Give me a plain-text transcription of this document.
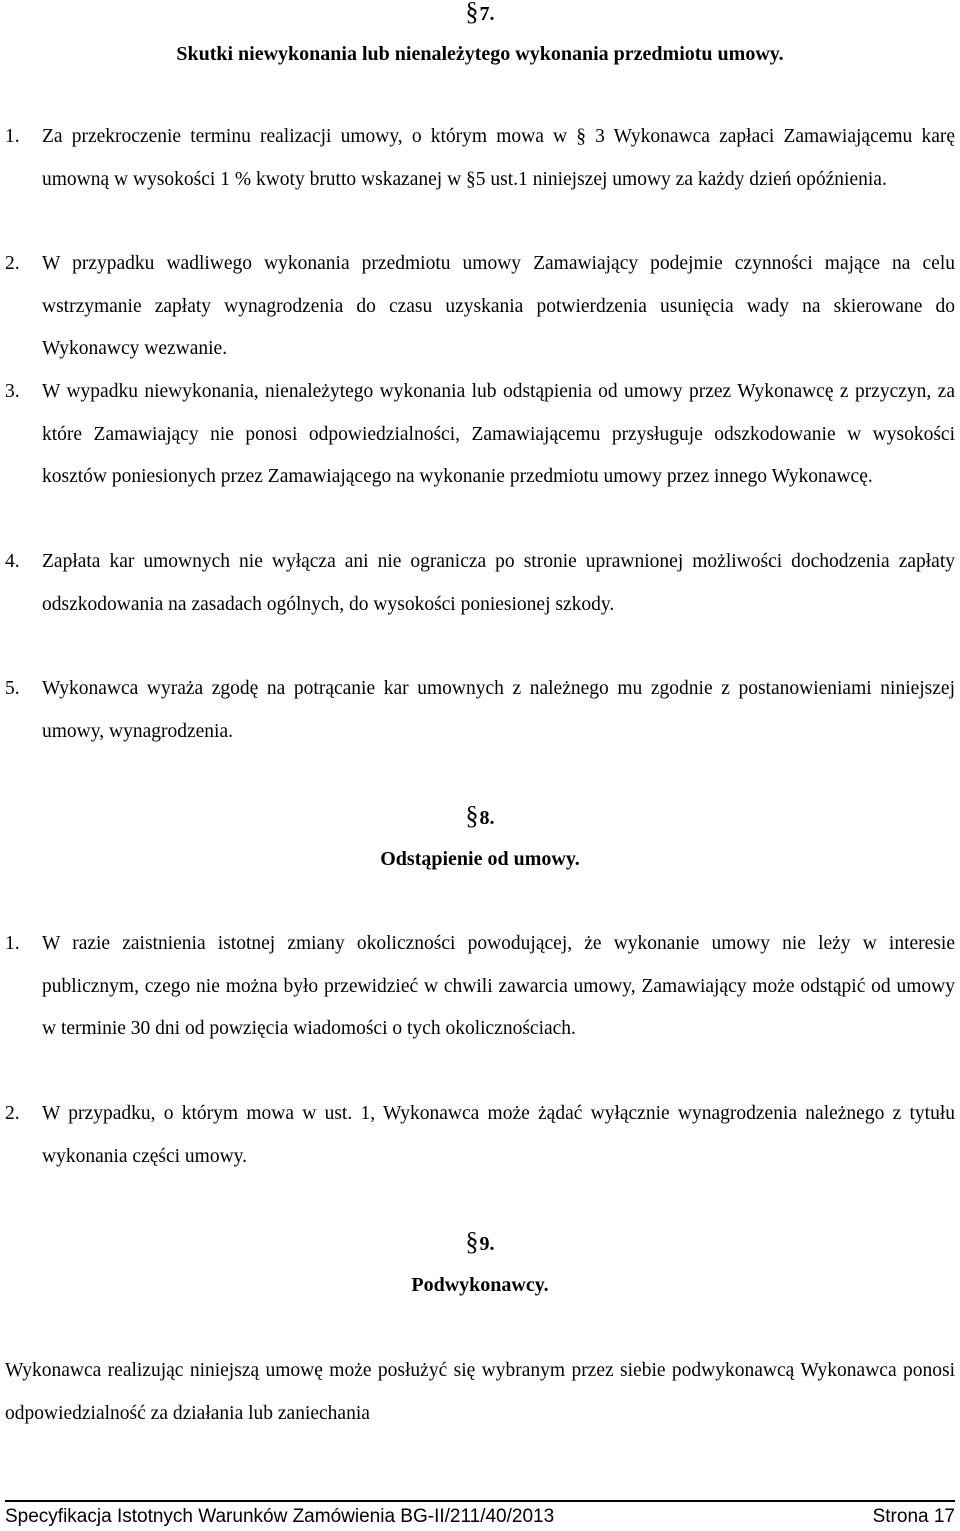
§7.
Skutki niewykonania lub nienależytego wykonania przedmiotu umowy.
1. Za przekroczenie terminu realizacji umowy, o którym mowa w § 3 Wykonawca zapłaci Zamawiającemu karę umowną w wysokości 1 % kwoty brutto wskazanej w §5 ust.1 niniejszej umowy za każdy dzień opóźnienia.
2. W przypadku wadliwego wykonania przedmiotu umowy Zamawiający podejmie czynności mające na celu wstrzymanie zapłaty wynagrodzenia do czasu uzyskania potwierdzenia usunięcia wady na skierowane do Wykonawcy wezwanie.
3. W wypadku niewykonania, nienależytego wykonania lub odstąpienia od umowy przez Wykonawcę z przyczyn, za które Zamawiający nie ponosi odpowiedzialności, Zamawiającemu przysługuje odszkodowanie w wysokości kosztów poniesionych przez Zamawiającego na wykonanie przedmiotu umowy przez innego Wykonawcę.
4. Zapłata kar umownych nie wyłącza ani nie ogranicza po stronie uprawnionej możliwości dochodzenia zapłaty odszkodowania na zasadach ogólnych, do wysokości poniesionej szkody.
5. Wykonawca wyraża zgodę na potrącanie kar umownych z należnego mu zgodnie z postanowieniami niniejszej umowy, wynagrodzenia.
§8.
Odstąpienie od umowy.
1. W razie zaistnienia istotnej zmiany okoliczności powodującej, że wykonanie umowy nie leży w interesie publicznym, czego nie można było przewidzieć w chwili zawarcia umowy, Zamawiający może odstąpić od umowy w terminie 30 dni od powzięcia wiadomości o tych okolicznościach.
2. W przypadku, o którym mowa w ust. 1, Wykonawca może żądać wyłącznie wynagrodzenia należnego z tytułu wykonania części umowy.
§9.
Podwykonawcy.
Wykonawca realizując niniejszą umowę może posłużyć się wybranym przez siebie podwykonawcą Wykonawca ponosi odpowiedzialność za działania lub zaniechania
Specyfikacja Istotnych Warunków Zamówienia BG-II/211/40/2013	Strona 17
